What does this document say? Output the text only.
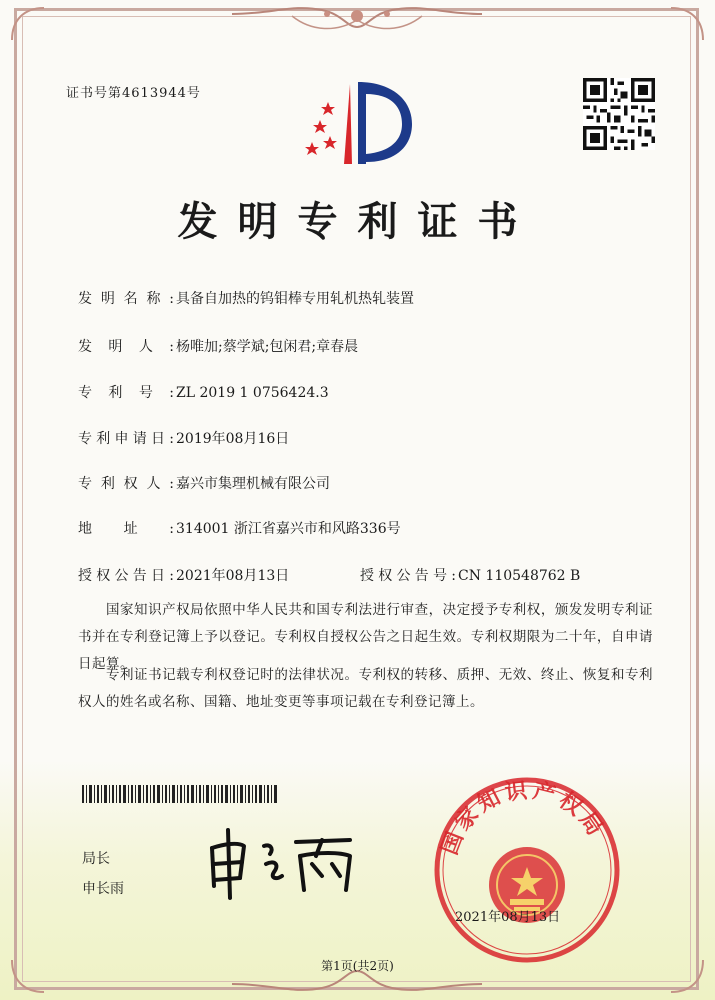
证书号第4613944号
发明专利证书
发明名称: 具备自加热的钨钼棒专用轧机热轧装置
发明人: 杨唯加;蔡学斌;包闲君;章春晨
专利号: ZL 2019 1 0756424.3
专利申请日: 2019年08月16日
专利权人: 嘉兴市集理机械有限公司
地址: 314001 浙江省嘉兴市和风路336号
授权公告日: 2021年08月13日	授权公告号: CN 110548762 B
国家知识产权局依照中华人民共和国专利法进行审查，决定授予专利权，颁发发明专利证书并在专利登记簿上予以登记。专利权自授权公告之日起生效。专利权期限为二十年，自申请日起算。
专利证书记载专利权登记时的法律状况。专利权的转移、质押、无效、终止、恢复和专利权人的姓名或名称、国籍、地址变更等事项记载在专利登记簿上。
局长
申长雨
国家知识产权局
2021年08月13日
第1页(共2页)
